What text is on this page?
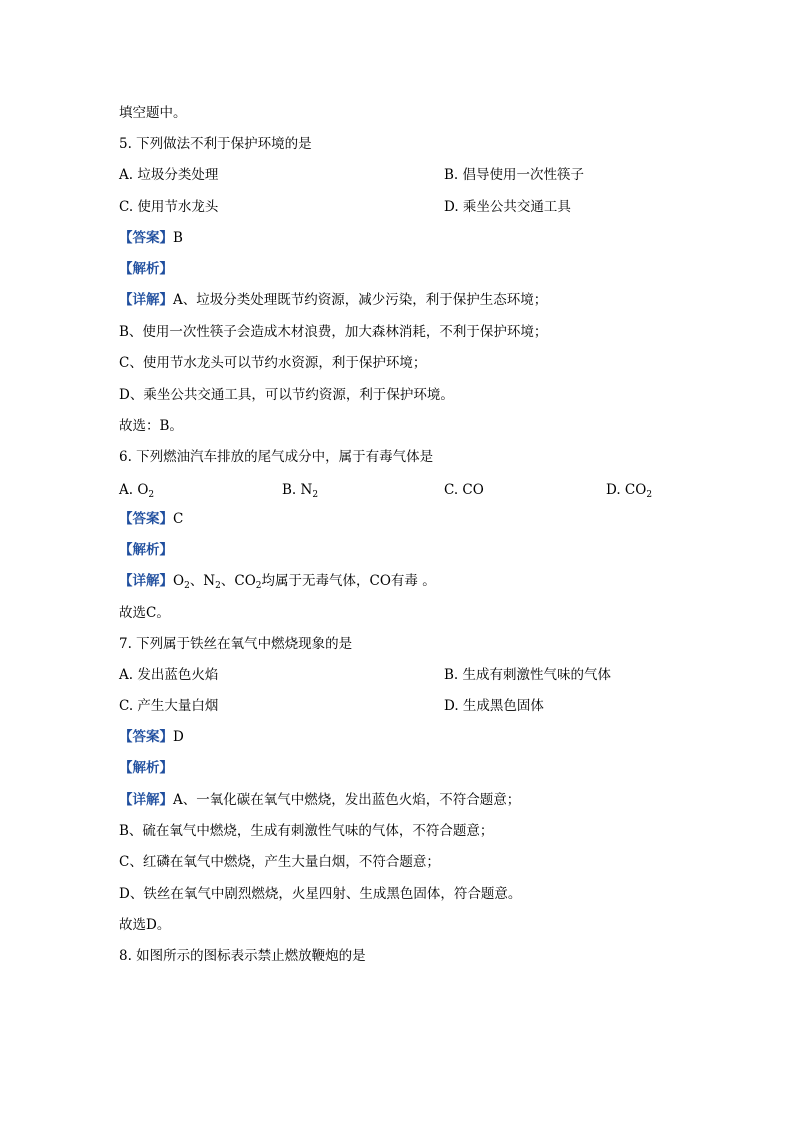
填空题中。
5. 下列做法不利于保护环境的是
A. 垃圾分类处理	B. 倡导使用一次性筷子
C. 使用节水龙头	D. 乘坐公共交通工具
【答案】B
【解析】
【详解】A、垃圾分类处理既节约资源，减少污染，利于保护生态环境；
B、使用一次性筷子会造成木材浪费，加大森林消耗，不利于保护环境；
C、使用节水龙头可以节约水资源，利于保护环境；
D、乘坐公共交通工具，可以节约资源，利于保护环境。
故选：B。
6. 下列燃油汽车排放的尾气成分中，属于有毒气体是
A. $O_2$	B. $N_2$	C. CO	D. $CO_2$
【答案】C
【解析】
【详解】$O_2$、$N_2$、$CO_2$均属于无毒气体，CO有毒 。
故选C。
7. 下列属于铁丝在氧气中燃烧现象的是
A. 发出蓝色火焰	B. 生成有刺激性气味的气体
C. 产生大量白烟	D. 生成黑色固体
【答案】D
【解析】
【详解】A、一氧化碳在氧气中燃烧，发出蓝色火焰，不符合题意；
B、硫在氧气中燃烧，生成有刺激性气味的气体，不符合题意；
C、红磷在氧气中燃烧，产生大量白烟，不符合题意；
D、铁丝在氧气中剧烈燃烧，火星四射、生成黑色固体，符合题意。
故选D。
8. 如图所示的图标表示禁止燃放鞭炮的是
